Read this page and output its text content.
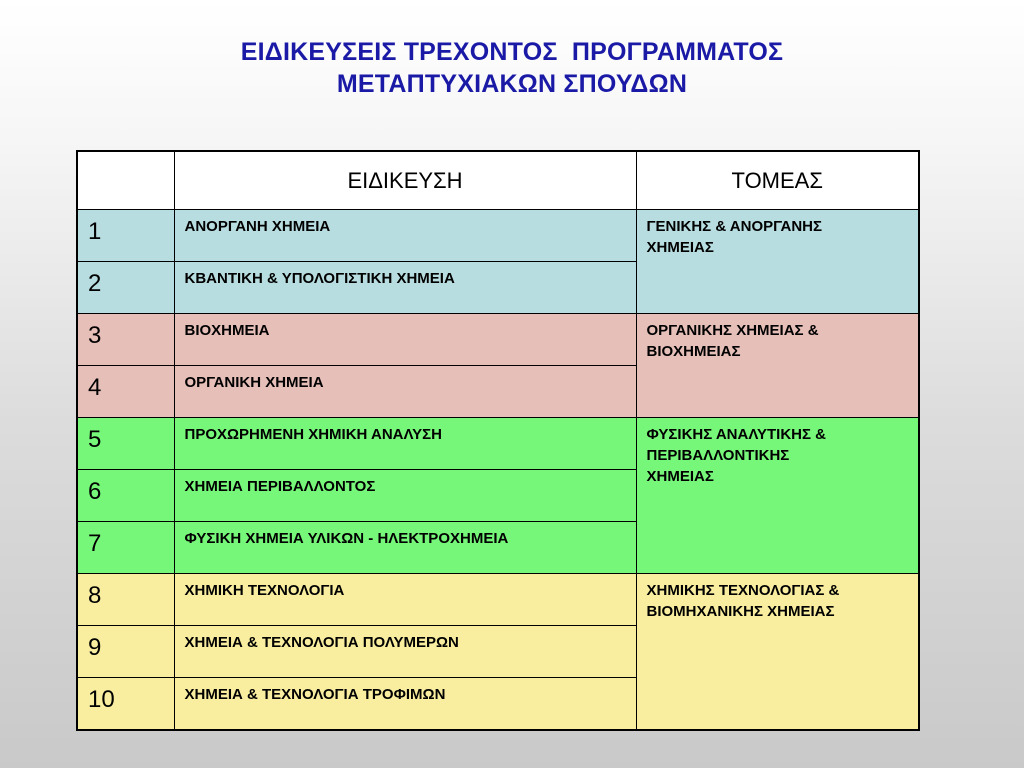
ΕΙΔΙΚΕΥΣΕΙΣ ΤΡΕΧΟΝΤΟΣ  ΠΡΟΓΡΑΜΜΑΤΟΣ
ΜΕΤΑΠΤΥΧΙΑΚΩΝ ΣΠΟΥΔΩΝ
	ΕΙΔΙΚΕΥΣΗ	ΤΟΜΕΑΣ
1	ΑΝΟΡΓΑΝΗ ΧΗΜΕΙΑ	ΓΕΝΙΚΗΣ & ΑΝΟΡΓΑΝΗΣ
ΧΗΜΕΙΑΣ

2	ΚΒΑΝΤΙΚΗ & ΥΠΟΛΟΓΙΣΤΙΚΗ ΧΗΜΕΙΑ	
3	ΒΙΟΧΗΜΕΙΑ	ΟΡΓΑΝΙΚΗΣ ΧΗΜΕΙΑΣ &
ΒΙΟΧΗΜΕΙΑΣ

4	ΟΡΓΑΝΙΚΗ ΧΗΜΕΙΑ	
5	ΠΡΟΧΩΡΗΜΕΝΗ ΧΗΜΙΚΗ ΑΝΑΛΥΣΗ	ΦΥΣΙΚΗΣ ΑΝΑΛΥΤΙΚΗΣ &
ΠΕΡΙΒΑΛΛΟΝΤΙΚΗΣ
ΧΗΜΕΙΑΣ

6	ΧΗΜΕΙΑ ΠΕΡΙΒΑΛΛΟΝΤΟΣ	
7	ΦΥΣΙΚΗ ΧΗΜΕΙΑ ΥΛΙΚΩΝ - ΗΛΕΚΤΡΟΧΗΜΕΙΑ	
8	ΧΗΜΙΚΗ ΤΕΧΝΟΛΟΓΙΑ	ΧΗΜΙΚΗΣ ΤΕΧΝΟΛΟΓΙΑΣ &
ΒΙΟΜΗΧΑΝΙΚΗΣ ΧΗΜΕΙΑΣ

9	ΧΗΜΕΙΑ & ΤΕΧΝΟΛΟΓΙΑ ΠΟΛΥΜΕΡΩΝ	
10	ΧΗΜΕΙΑ & ΤΕΧΝΟΛΟΓΙΑ ΤΡΟΦΙΜΩΝ	
